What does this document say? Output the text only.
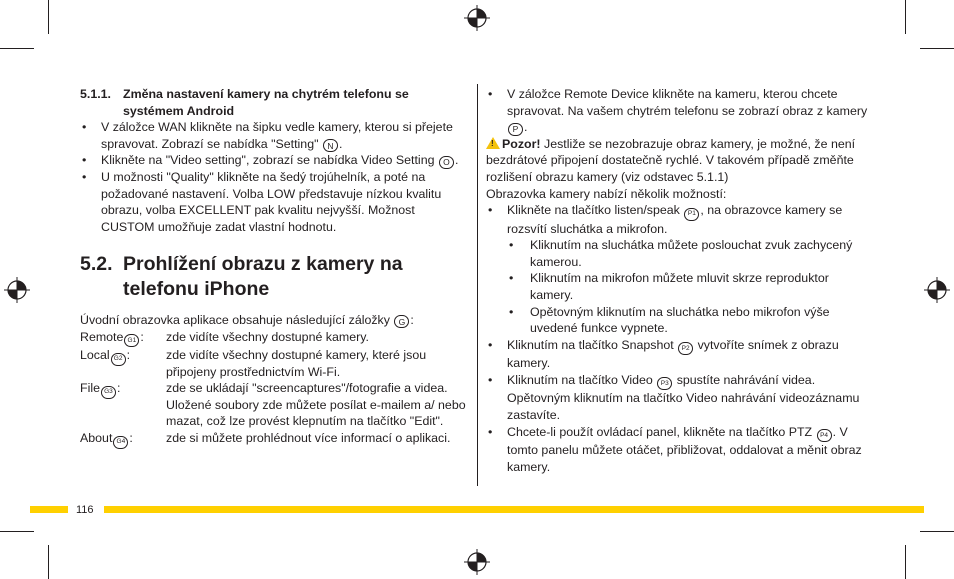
5.1.1. Změna nastavení kamery na chytrém telefonu se systémem Android

• V záložce WAN klikněte na šipku vedle kamery, kterou si přejete spravovat. Zobrazí se nabídka "Setting" N .

• Klikněte na "Video setting", zobrazí se nabídka Video Setting O .

• U možnosti "Quality" klikněte na šedý trojúhelník, a poté na požadované nastavení. Volba LOW představuje nízkou kvalitu obrazu, volba EXCELLENT pak kvalitu nejvyšší. Možnost CUSTOM umožňuje zadat vlastní hodnotu.

5.2. Prohlížení obrazu z kamery na telefonu iPhone

Úvodní obrazovka aplikace obsahuje následující záložky G :

Remote G1 :	zde vidíte všechny dostupné kamery.
Local G2 :	zde vidíte všechny dostupné kamery, které jsou připojeny prostřednictvím Wi-Fi.
File G3 :	zde se ukládají "screencaptures"/fotografie a videa. Uložené soubory zde můžete posílat e-mailem a/ nebo mazat, což lze provést klepnutím na tlačítko "Edit".
About G4 :	zde si můžete prohlédnout více informací o aplikaci.

• V záložce Remote Device klikněte na kameru, kterou chcete spravovat. Na vašem chytrém telefonu se zobrazí obraz z kamery P .

! Pozor! Jestliže se nezobrazuje obraz kamery, je možné, že není bezdrátové připojení dostatečně rychlé. V takovém případě změňte rozlišení obrazu kamery (viz odstavec 5.1.1)

Obrazovka kamery nabízí několik možností:

• Klikněte na tlačítko listen/speak P1 , na obrazovce kamery se rozsvítí sluchátka a mikrofon.

• Kliknutím na sluchátka můžete poslouchat zvuk zachycený kamerou.

• Kliknutím na mikrofon můžete mluvit skrze reproduktor kamery.

• Opětovným kliknutím na sluchátka nebo mikrofon výše uvedené funkce vypnete.

• Kliknutím na tlačítko Snapshot P2 vytvoříte snímek z obrazu kamery.

• Kliknutím na tlačítko Video P3 spustíte nahrávání videa. Opětovným kliknutím na tlačítko Video nahrávání videozáznamu zastavíte.

• Chcete-li použít ovládací panel, klikněte na tlačítko PTZ P4 . V tomto panelu můžete otáčet, přibližovat, oddalovat a měnit obraz kamery.

116
